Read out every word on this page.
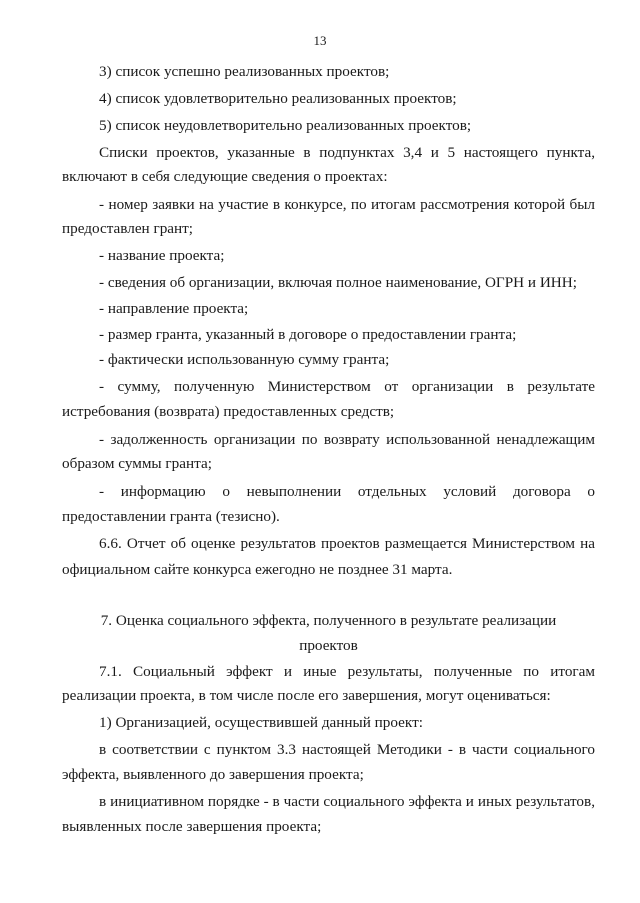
13
3) список успешно реализованных проектов;
4) список удовлетворительно реализованных проектов;
5) список неудовлетворительно реализованных проектов;
Списки проектов, указанные в подпунктах 3,4 и 5 настоящего пункта,
включают в себя следующие сведения о проектах:
- номер заявки на участие в конкурсе, по итогам рассмотрения которой был
предоставлен грант;
- название проекта;
- сведения об организации, включая полное наименование, ОГРН и ИНН;
- направление проекта;
- размер гранта, указанный в договоре о предоставлении гранта;
- фактически использованную сумму гранта;
- сумму, полученную Министерством от организации в результате
истребования (возврата) предоставленных средств;
- задолженность организации по возврату использованной ненадлежащим
образом суммы гранта;
- информацию о невыполнении отдельных условий договора о
предоставлении гранта (тезисно).
6.6. Отчет об оценке результатов проектов размещается Министерством на
официальном сайте конкурса ежегодно не позднее 31 марта.
7. Оценка социального эффекта, полученного в результате реализации
проектов
7.1. Социальный эффект и иные результаты, полученные по итогам
реализации проекта, в том числе после его завершения, могут оцениваться:
1) Организацией, осуществившей данный проект:
в соответствии с пунктом 3.3 настоящей Методики - в части социального
эффекта, выявленного до завершения проекта;
в инициативном порядке - в части социального эффекта и иных результатов,
выявленных после завершения проекта;
